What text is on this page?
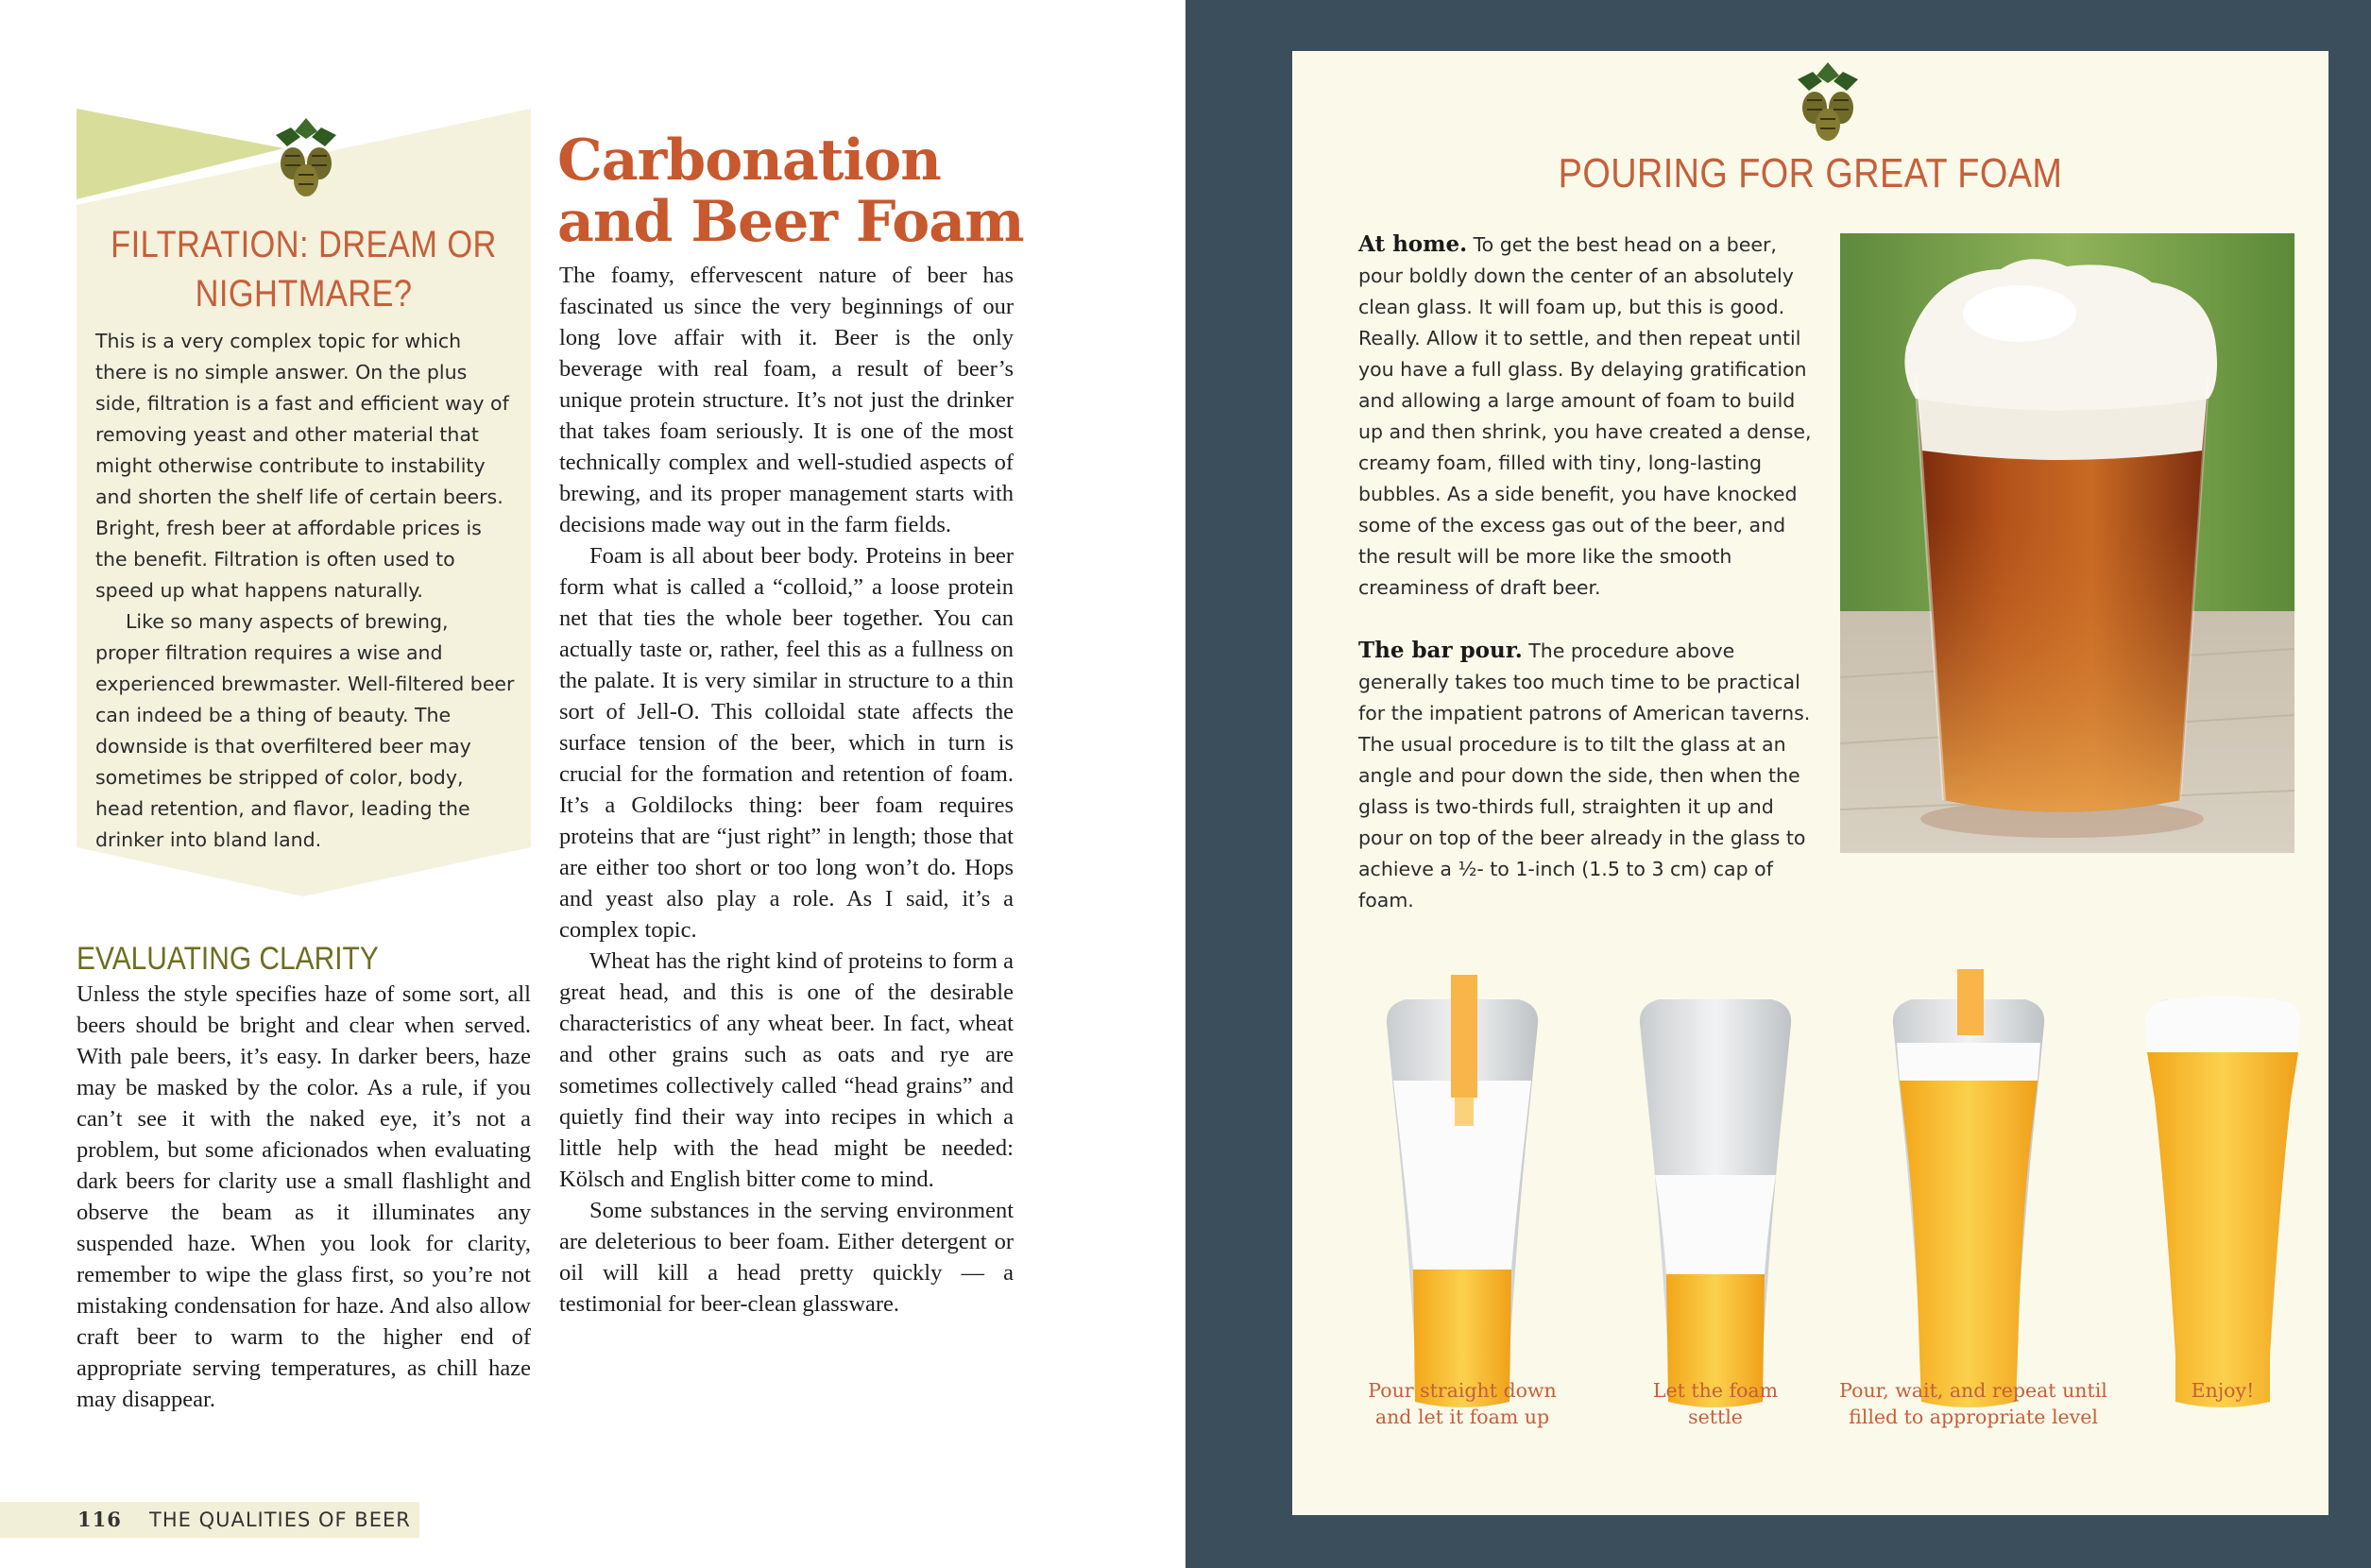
FILTRATION: DREAM OR NIGHTMARE?

This is a very complex topic for which there is no simple answer. On the plus side, filtration is a fast and efficient way of removing yeast and other material that might otherwise contribute to instability and shorten the shelf life of certain beers. Bright, fresh beer at affordable prices is the benefit. Filtration is often used to speed up what happens naturally.

Like so many aspects of brewing, proper filtration requires a wise and experienced brewmaster. Well-filtered beer can indeed be a thing of beauty. The downside is that overfiltered beer may sometimes be stripped of color, body, head retention, and flavor, leading the drinker into bland land.

EVALUATING CLARITY

Unless the style specifies haze of some sort, all beers should be bright and clear when served. With pale beers, it’s easy. In darker beers, haze may be masked by the color. As a rule, if you can’t see it with the naked eye, it’s not a problem, but some aficionados when evaluating dark beers for clarity use a small flashlight and observe the beam as it illuminates any suspended haze. When you look for clarity, remember to wipe the glass first, so you’re not mistaking condensation for haze. And also allow craft beer to warm to the higher end of appropriate serving temperatures, as chill haze may disappear.

Carbonation and Beer Foam

The foamy, effervescent nature of beer has fascinated us since the very beginnings of our long love affair with it. Beer is the only beverage with real foam, a result of beer’s unique protein structure. It’s not just the drinker that takes foam seriously. It is one of the most technically complex and well-studied aspects of brewing, and its proper management starts with decisions made way out in the farm fields.

Foam is all about beer body. Proteins in beer form what is called a “colloid,” a loose protein net that ties the whole beer together. You can actually taste or, rather, feel this as a fullness on the palate. It is very similar in structure to a thin sort of Jell-O. This colloidal state affects the surface tension of the beer, which in turn is crucial for the formation and retention of foam. It’s a Goldilocks thing: beer foam requires proteins that are “just right” in length; those that are either too short or too long won’t do. Hops and yeast also play a role. As I said, it’s a complex topic.

Wheat has the right kind of proteins to form a great head, and this is one of the desirable characteristics of any wheat beer. In fact, wheat and other grains such as oats and rye are sometimes collectively called “head grains” and quietly find their way into recipes in which a little help with the head might be needed: Kölsch and English bitter come to mind.

Some substances in the serving environment are deleterious to beer foam. Either detergent or oil will kill a head pretty quickly — a testimonial for beer-clean glassware.

116 THE QUALITIES OF BEER
POURING FOR GREAT FOAM

At home. To get the best head on a beer, pour boldly down the center of an absolutely clean glass. It will foam up, but this is good. Really. Allow it to settle, and then repeat until you have a full glass. By delaying gratification and allowing a large amount of foam to build up and then shrink, you have created a dense, creamy foam, filled with tiny, long-lasting bubbles. As a side benefit, you have knocked some of the excess gas out of the beer, and the result will be more like the smooth creaminess of draft beer.

The bar pour. The procedure above generally takes too much time to be practical for the impatient patrons of American taverns. The usual procedure is to tilt the glass at an angle and pour down the side, then when the glass is two-thirds full, straighten it up and pour on top of the beer already in the glass to achieve a ½- to 1-inch (1.5 to 3 cm) cap of foam.

Pour straight down
and let it foam up
Let the foam
settle
Pour, wait, and repeat until
filled to appropriate level
Enjoy!
